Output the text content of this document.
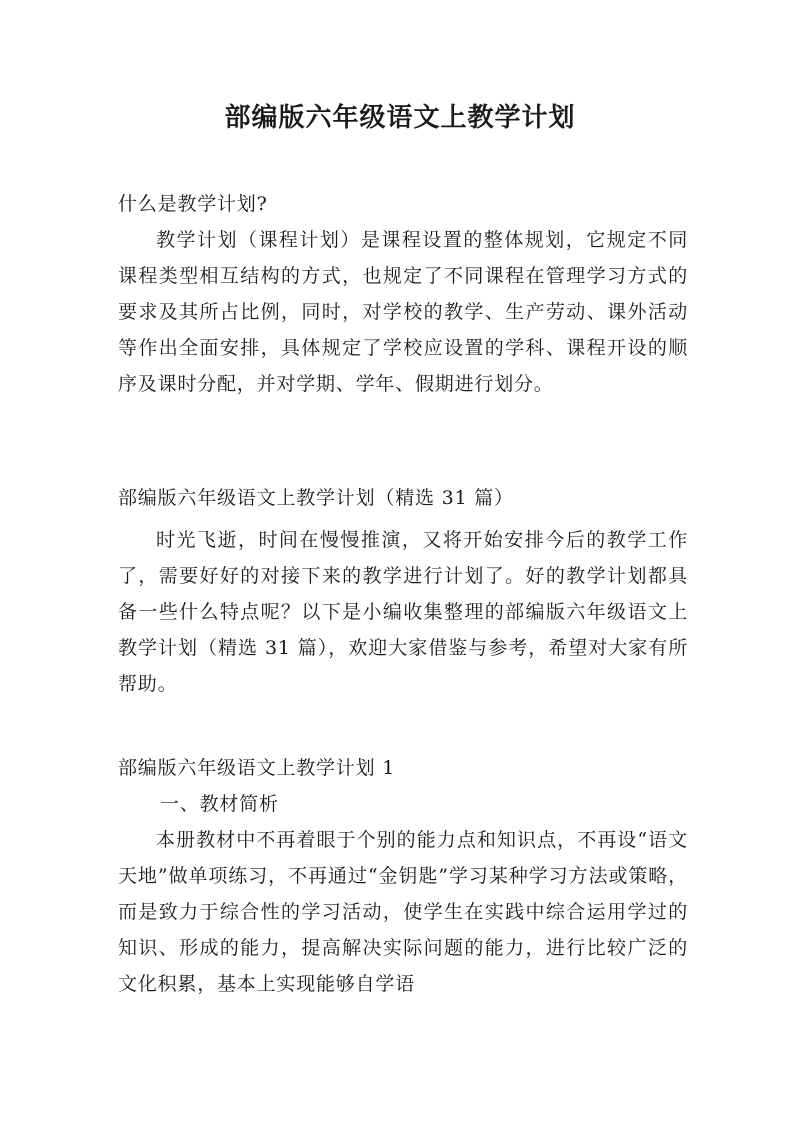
部编版六年级语文上教学计划
什么是教学计划?
教学计划（课程计划）是课程设置的整体规划，它规定不同课程类型相互结构的方式，也规定了不同课程在管理学习方式的要求及其所占比例，同时，对学校的教学、生产劳动、课外活动等作出全面安排，具体规定了学校应设置的学科、课程开设的顺序及课时分配，并对学期、学年、假期进行划分。
部编版六年级语文上教学计划（精选 31 篇）
时光飞逝，时间在慢慢推演，又将开始安排今后的教学工作了，需要好好的对接下来的教学进行计划了。好的教学计划都具备一些什么特点呢？以下是小编收集整理的部编版六年级语文上教学计划（精选 31 篇），欢迎大家借鉴与参考，希望对大家有所帮助。
部编版六年级语文上教学计划 1
一、教材简析
本册教材中不再着眼于个别的能力点和知识点，不再设“语文天地”做单项练习，不再通过“金钥匙”学习某种学习方法或策略，而是致力于综合性的学习活动，使学生在实践中综合运用学过的知识、形成的能力，提高解决实际问题的能力，进行比较广泛的文化积累，基本上实现能够自学语
